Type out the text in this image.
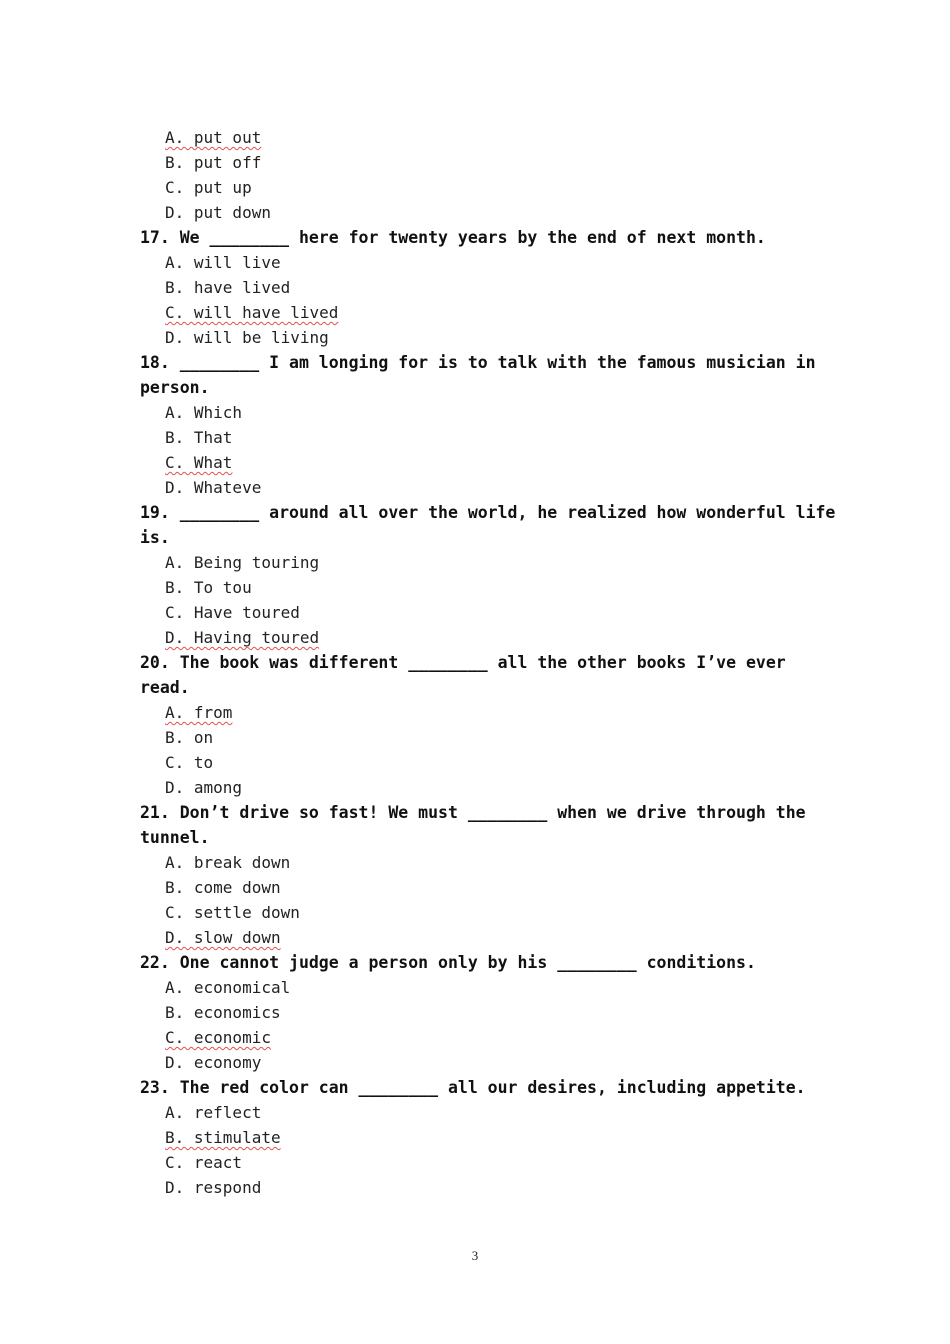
A. put out
B. put off
C. put up
D. put down
17. We ________ here for twenty years by the end of next month.
A. will live
B. have lived
C. will have lived
D. will be living
18. ________ I am longing for is to talk with the famous musician in
person.
A. Which
B. That
C. What
D. Whateve
19. ________ around all over the world, he realized how wonderful life
is.
A. Being touring
B. To tou
C. Have toured
D. Having toured
20. The book was different ________ all the other books I’ve ever
read.
A. from
B. on
C. to
D. among
21. Don’t drive so fast! We must ________ when we drive through the
tunnel.
A. break down
B. come down
C. settle down
D. slow down
22. One cannot judge a person only by his ________ conditions.
A. economical
B. economics
C. economic
D. economy
23. The red color can ________ all our desires, including appetite.
A. reflect
B. stimulate
C. react
D. respond
3
